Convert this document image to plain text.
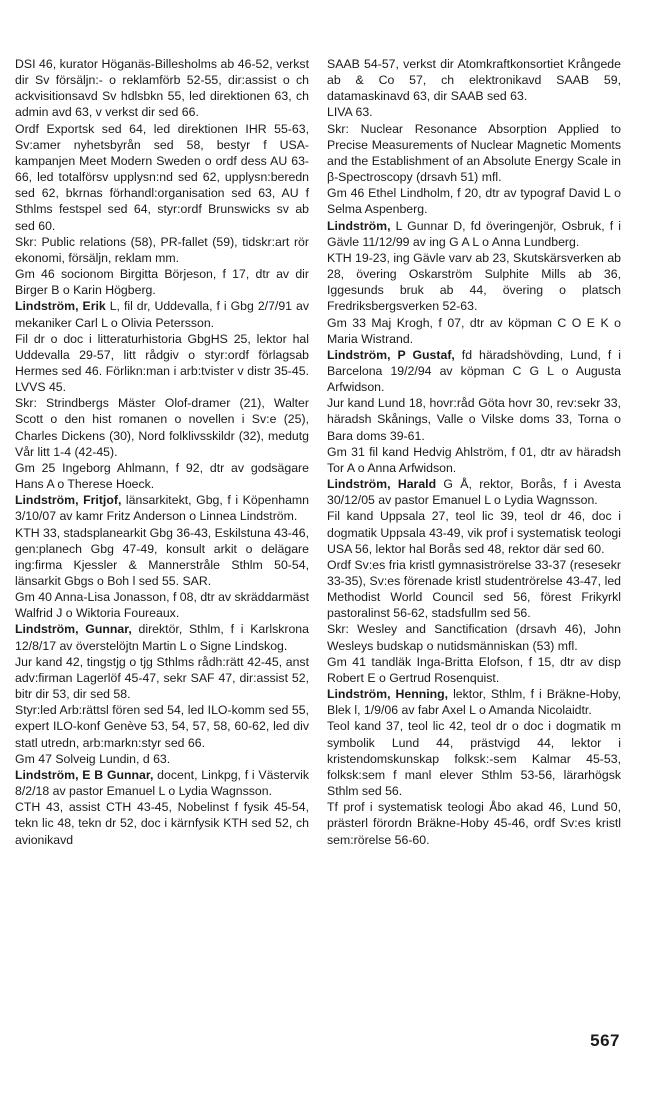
DSI 46, kurator Höganäs-Billesholms ab 46-52, verkst dir Sv försäljn:- o reklamförb 52-55, dir:assist o ch ackvisitionsavd Sv hdlsbkn 55, led direktionen 63, ch admin avd 63, v verkst dir sed 66.
Ordf Exportsk sed 64, led direktionen IHR 55-63, Sv:amer nyhetsbyrån sed 58, bestyr f USA-kampanjen Meet Modern Sweden o ordf dess AU 63-66, led totalförsv upplysn:nd sed 62, upplysn:beredn sed 62, bkrnas förhandl:organisation sed 63, AU f Sthlms festspel sed 64, styr:ordf Brunswicks sv ab sed 60.
Skr: Public relations (58), PR-fallet (59), tidskr:art rör ekonomi, försäljn, reklam mm.
Gm 46 socionom Birgitta Börjeson, f 17, dtr av dir Birger B o Karin Högberg.
Lindström, Erik L, fil dr, Uddevalla, f i Gbg 2/7/91 av mekaniker Carl L o Olivia Petersson.
Fil dr o doc i litteraturhistoria GbgHS 25, lektor hal Uddevalla 29-57, litt rådgiv o styr:ordf förlagsab Hermes sed 46. Förlikn:man i arb:tvister v distr 35-45. LVVS 45.
Skr: Strindbergs Mäster Olof-dramer (21), Walter Scott o den hist romanen o novellen i Sv:e (25), Charles Dickens (30), Nord folklivsskildr (32), medutg Vår litt 1-4 (42-45).
Gm 25 Ingeborg Ahlmann, f 92, dtr av godsägare Hans A o Therese Hoeck.
Lindström, Fritjof, länsarkitekt, Gbg, f i Köpenhamn 3/10/07 av kamr Fritz Anderson o Linnea Lindström.
KTH 33, stadsplanearkit Gbg 36-43, Eskilstuna 43-46, gen:planech Gbg 47-49, konsult arkit o delägare ing:firma Kjessler & Mannerstråle Sthlm 50-54, länsarkit Gbgs o Boh l sed 55. SAR.
Gm 40 Anna-Lisa Jonasson, f 08, dtr av skräddarmäst Walfrid J o Wiktoria Foureaux.
Lindström, Gunnar, direktör, Sthlm, f i Karlskrona 12/8/17 av överstelöjtn Martin L o Signe Lindskog.
Jur kand 42, tingstjg o tjg Sthlms rådh:rätt 42-45, anst adv:firman Lagerlöf 45-47, sekr SAF 47, dir:assist 52, bitr dir 53, dir sed 58.
Styr:led Arb:rättsl fören sed 54, led ILO-komm sed 55, expert ILO-konf Genève 53, 54, 57, 58, 60-62, led div statl utredn, arb:markn:styr sed 66.
Gm 47 Solveig Lundin, d 63.
Lindström, E B Gunnar, docent, Linkpg, f i Västervik 8/2/18 av pastor Emanuel L o Lydia Wagnsson.
CTH 43, assist CTH 43-45, Nobelinst f fysik 45-54, tekn lic 48, tekn dr 52, doc i kärnfysik KTH sed 52, ch avionikavd
SAAB 54-57, verkst dir Atomkraftkonsortiet Krångede ab & Co 57, ch elektronikavd SAAB 59, datamaskinavd 63, dir SAAB sed 63.
LIVA 63.
Skr: Nuclear Resonance Absorption Applied to Precise Measurements of Nuclear Magnetic Moments and the Establishment of an Absolute Energy Scale in β-Spectroscopy (drsavh 51) mfl.
Gm 46 Ethel Lindholm, f 20, dtr av typograf David L o Selma Aspenberg.
Lindström, L Gunnar D, fd överingenjör, Osbruk, f i Gävle 11/12/99 av ing G A L o Anna Lundberg.
KTH 19-23, ing Gävle varv ab 23, Skutskärsverken ab 28, övering Oskarström Sulphite Mills ab 36, Iggesunds bruk ab 44, övering o platsch Fredriksbergsverken 52-63.
Gm 33 Maj Krogh, f 07, dtr av köpman C O E K o Maria Wistrand.
Lindström, P Gustaf, fd häradshövding, Lund, f i Barcelona 19/2/94 av köpman C G L o Augusta Arfwidson.
Jur kand Lund 18, hovr:råd Göta hovr 30, rev:sekr 33, häradsh Skånings, Valle o Vilske doms 33, Torna o Bara doms 39-61.
Gm 31 fil kand Hedvig Ahlström, f 01, dtr av häradsh Tor A o Anna Arfwidson.
Lindström, Harald G Å, rektor, Borås, f i Avesta 30/12/05 av pastor Emanuel L o Lydia Wagnsson.
Fil kand Uppsala 27, teol lic 39, teol dr 46, doc i dogmatik Uppsala 43-49, vik prof i systematisk teologi USA 56, lektor hal Borås sed 48, rektor där sed 60.
Ordf Sv:es fria kristl gymnasiströrelse 33-37 (resesekr 33-35), Sv:es förenade kristl studentrörelse 43-47, led Methodist World Council sed 56, förest Frikyrkl pastoralinst 56-62, stadsfullm sed 56.
Skr: Wesley and Sanctification (drsavh 46), John Wesleys budskap o nutidsmänniskan (53) mfl.
Gm 41 tandläk Inga-Britta Elofson, f 15, dtr av disp Robert E o Gertrud Rosenquist.
Lindström, Henning, lektor, Sthlm, f i Bräkne-Hoby, Blek l, 1/9/06 av fabr Axel L o Amanda Nicolaidtr.
Teol kand 37, teol lic 42, teol dr o doc i dogmatik m symbolik Lund 44, prästvigd 44, lektor i kristendomskunskap folksk:-sem Kalmar 45-53, folksk:sem f manl elever Sthlm 53-56, lärarhögsk Sthlm sed 56.
Tf prof i systematisk teologi Åbo akad 46, Lund 50, prästerl förordn Bräkne-Hoby 45-46, ordf Sv:es kristl sem:rörelse 56-60.
567
